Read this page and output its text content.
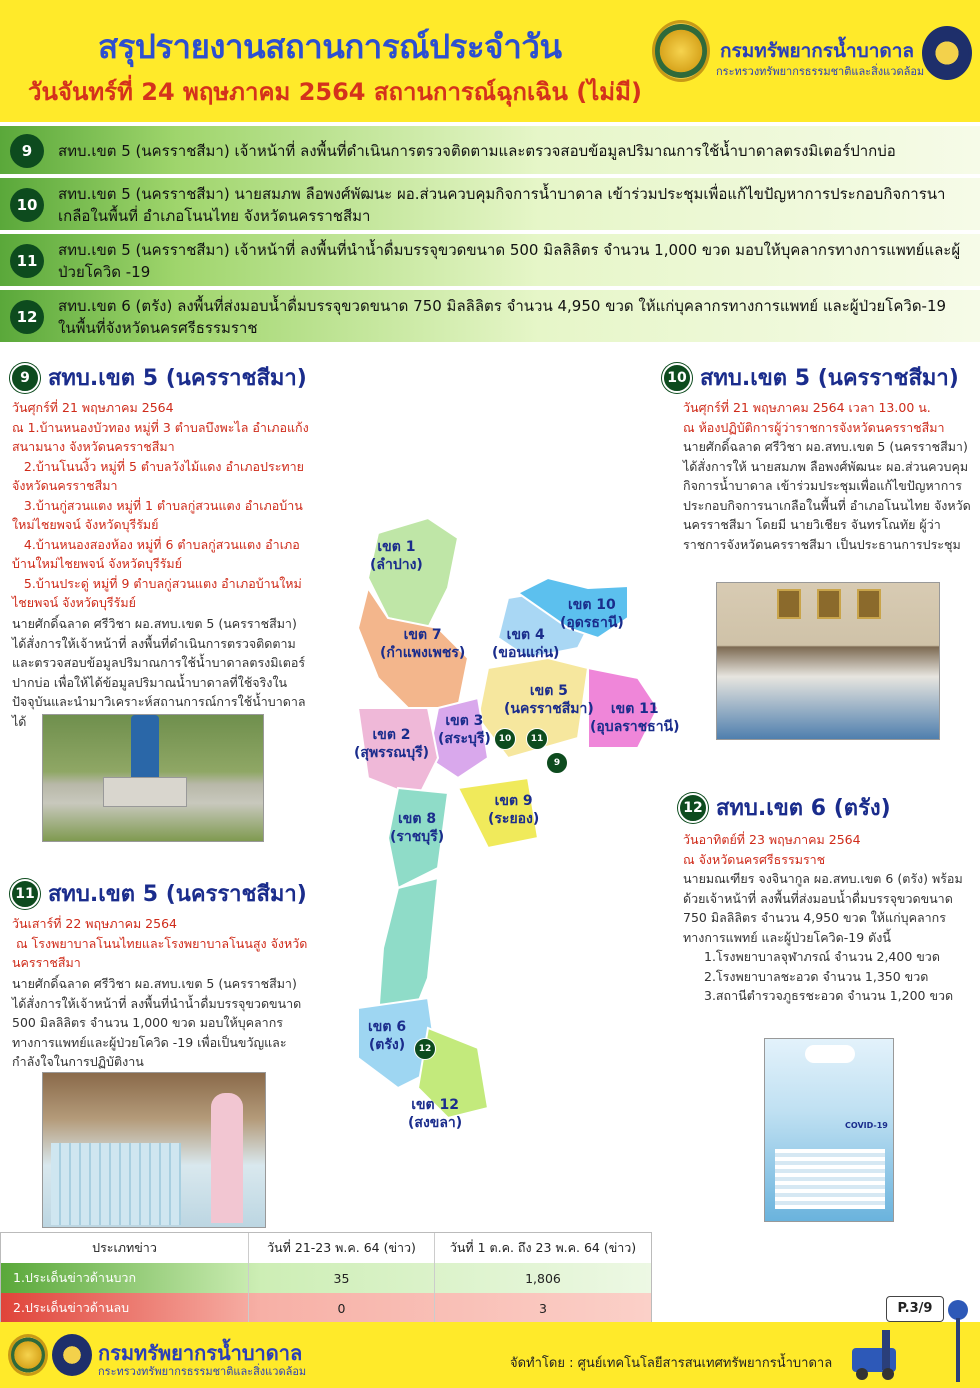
สรุปรายงานสถานการณ์ประจำวัน
วันจันทร์ที่ 24 พฤษภาคม 2564 สถานการณ์ฉุกเฉิน (ไม่มี)
กรมทรัพยากรน้ำบาดาล
กระทรวงทรัพยากรธรรมชาติและสิ่งแวดล้อม
9	สทบ.เขต 5 (นครราชสีมา) เจ้าหน้าที่ ลงพื้นที่ดำเนินการตรวจติดตามและตรวจสอบข้อมูลปริมาณการใช้น้ำบาดาลตรงมิเตอร์ปากบ่อ
10
สทบ.เขต 5 (นครราชสีมา) นายสมภพ ลือพงศ์พัฒนะ ผอ.ส่วนควบคุมกิจการน้ำบาดาล เข้าร่วมประชุมเพื่อแก้ไขปัญหาการประกอบกิจการนาเกลือในพื้นที่ อำเภอโนนไทย จังหวัดนครราชสีมา
11
สทบ.เขต 5 (นครราชสีมา) เจ้าหน้าที่ ลงพื้นที่นำน้ำดื่มบรรจุขวดขนาด 500 มิลลิลิตร จำนวน 1,000 ขวด มอบให้บุคลากรทางการแพทย์และผู้ป่วยโควิด -19
12
สทบ.เขต 6 (ตรัง) ลงพื้นที่ส่งมอบน้ำดื่มบรรจุขวดขนาด 750 มิลลิลิตร จำนวน 4,950 ขวด ให้แก่บุคลากรทางการแพทย์ และผู้ป่วยโควิด-19 ในพื้นที่จังหวัดนครศรีธรรมราช
9 สทบ.เขต 5 (นครราชสีมา)
วันศุกร์ที่ 21 พฤษภาคม 2564
ณ 1.บ้านหนองบัวทอง หมู่ที่ 3 ตำบลบึงพะไล อำเภอแก้งสนามนาง จังหวัดนครราชสีมา
2.บ้านโนนงิ้ว หมู่ที่ 5 ตำบลวังไม้แดง อำเภอประทาย จังหวัดนครราชสีมา
3.บ้านกู่สวนแตง หมู่ที่ 1 ตำบลกู่สวนแตง อำเภอบ้านใหม่ไชยพจน์ จังหวัดบุรีรัมย์
4.บ้านหนองสองห้อง หมู่ที่ 6 ตำบลกู่สวนแตง อำเภอบ้านใหม่ไชยพจน์ จังหวัดบุรีรัมย์
5.บ้านประดู่ หมู่ที่ 9 ตำบลกู่สวนแตง อำเภอบ้านใหม่ไชยพจน์ จังหวัดบุรีรัมย์
นายศักดิ์ฉลาด ศรีวิชา ผอ.สทบ.เขต 5 (นครราชสีมา) ได้สั่งการให้เจ้าหน้าที่ ลงพื้นที่ดำเนินการตรวจติดตามและตรวจสอบข้อมูลปริมาณการใช้น้ำบาดาลตรงมิเตอร์ปากบ่อ เพื่อให้ได้ข้อมูลปริมาณน้ำบาดาลที่ใช้จริงในปัจจุบันและนำมาวิเคราะห์สถานการณ์การใช้น้ำบาดาลได้
10 สทบ.เขต 5 (นครราชสีมา)
วันศุกร์ที่ 21 พฤษภาคม 2564 เวลา 13.00 น.
ณ ห้องปฏิบัติการผู้ว่าราชการจังหวัดนครราชสีมา
นายศักดิ์ฉลาด ศรีวิชา ผอ.สทบ.เขต 5 (นครราชสีมา) ได้สั่งการให้ นายสมภพ ลือพงศ์พัฒนะ ผอ.ส่วนควบคุมกิจการน้ำบาดาล เข้าร่วมประชุมเพื่อแก้ไขปัญหาการประกอบกิจการนาเกลือในพื้นที่ อำเภอโนนไทย จังหวัดนครราชสีมา โดยมี นายวิเชียร จันทรโณทัย ผู้ว่าราชการจังหวัดนครราชสีมา เป็นประธานการประชุม
เขต 1
(ลำปาง)
เขต 7
(กำแพงเพชร)
เขต 4
(ขอนแก่น)
เขต 10
(อุดรธานี)
เขต 5
(นครราชสีมา)	เขต 11
(อุบลราชธานี)
เขต 3
(สระบุรี)
เขต 2
(สุพรรณบุรี)
เขต 9
(ระยอง)
เขต 8
(ราชบุรี)
เขต 6
(ตรัง)
เขต 12
(สงขลา)
10	11
9
12
11 สทบ.เขต 5 (นครราชสีมา)
วันเสาร์ที่ 22 พฤษภาคม 2564
ณ โรงพยาบาลโนนไทยและโรงพยาบาลโนนสูง จังหวัดนครราชสีมา
นายศักดิ์ฉลาด ศรีวิชา ผอ.สทบ.เขต 5 (นครราชสีมา) ได้สั่งการให้เจ้าหน้าที่ ลงพื้นที่นำน้ำดื่มบรรจุขวดขนาด 500 มิลลิลิตร จำนวน 1,000 ขวด มอบให้บุคลากรทางการแพทย์และผู้ป่วยโควิด -19 เพื่อเป็นขวัญและกำลังใจในการปฏิบัติงาน
12 สทบ.เขต 6 (ตรัง)
วันอาทิตย์ที่ 23 พฤษภาคม 2564
ณ จังหวัดนครศรีธรรมราช
นายมณเฑียร จงจินากูล ผอ.สทบ.เขต 6 (ตรัง) พร้อมด้วยเจ้าหน้าที่ ลงพื้นที่ส่งมอบน้ำดื่มบรรจุขวดขนาด 750 มิลลิลิตร จำนวน 4,950 ขวด ให้แก่บุคลากรทางการแพทย์ และผู้ป่วยโควิด-19 ดังนี้
1.โรงพยาบาลจุฬาภรณ์ จำนวน 2,400 ขวด
2.โรงพยาบาลชะอวด จำนวน 1,350 ขวด
3.สถานีตำรวจภูธรชะอวด จำนวน 1,200 ขวด
COVID-19
ประเภทข่าว	วันที่ 21-23 พ.ค. 64 (ข่าว)	วันที่ 1 ต.ค. ถึง 23 พ.ค. 64 (ข่าว)
1.ประเด็นข่าวด้านบวก	35	1,806
2.ประเด็นข่าวด้านลบ	0	3	P.3/9
กรมทรัพยากรน้ำบาดาล
กระทรวงทรัพยากรธรรมชาติและสิ่งแวดล้อม
จัดทำโดย : ศูนย์เทคโนโลยีสารสนเทศทรัพยากรน้ำบาดาล
